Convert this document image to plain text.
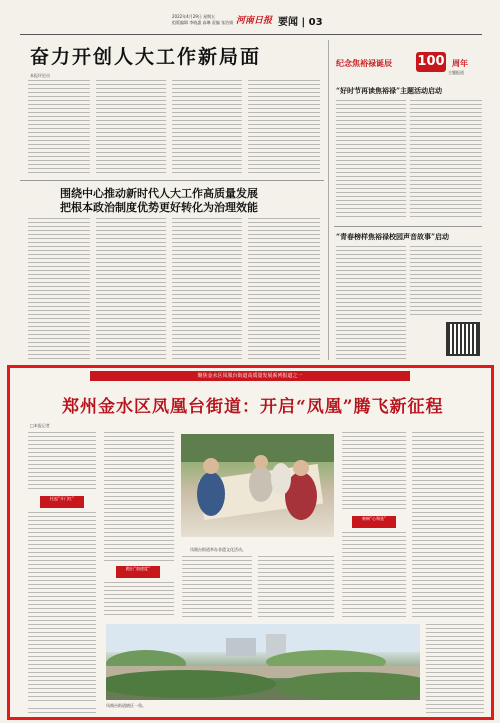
2022年4月29日 星期五
组版编辑 李晓惠 高琳 责编 张治娟 河南日报 要闻 | 03
奋力开创人大工作新局面
本报评论员
围绕中心推动新时代人大工作高质量发展
把根本政治制度优势更好转化为治理效能
纪念焦裕禄诞辰 100 周年
主题报道
“好时节再读焦裕禄”主题活动启动
“青春榜样焦裕禄校园声音故事”启动
聚焦金水区凤凰台街道高质量发展系列报道之一
郑州金水区凤凰台街道：开启“凤凰”腾飞新征程
□本报记者
托起“开门红”
跑出“加速度”
凤凰台街道举办非遗文化活动。
奏响“心和弦”
凤凰台街道辖区一角。
